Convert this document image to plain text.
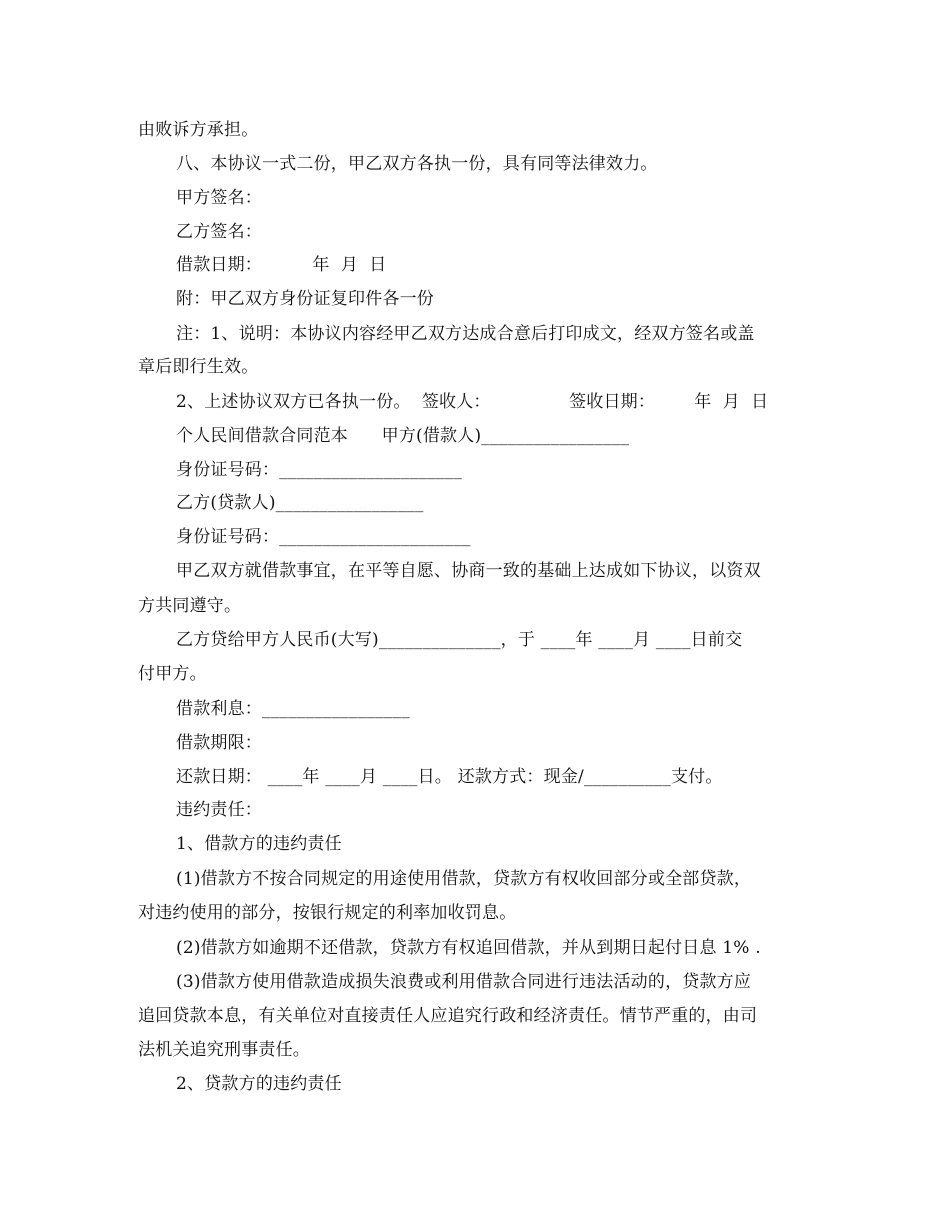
由败诉方承担。
八、本协议一式二份，甲乙双方各执一份，具有同等法律效力。
甲方签名：
乙方签名：
借款日期：         年  月  日
附：甲乙双方身份证复印件各一份
注：1、说明：本协议内容经甲乙双方达成合意后打印成文，经双方签名或盖
章后即行生效。
2、上述协议双方已各执一份。  签收人：              签收日期：       年  月  日
个人民间借款合同范本      甲方(借款人)_________________
身份证号码：_____________________
乙方(贷款人)_________________
身份证号码：______________________
甲乙双方就借款事宜，在平等自愿、协商一致的基础上达成如下协议，以资双
方共同遵守。
乙方贷给甲方人民币(大写)______________，于 ____年 ____月 ____日前交
付甲方。
借款利息：_________________
借款期限：
还款日期： ____年 ____月 ____日。 还款方式：现金/__________支付。
违约责任：
1、借款方的违约责任
(1)借款方不按合同规定的用途使用借款，贷款方有权收回部分或全部贷款，
对违约使用的部分，按银行规定的利率加收罚息。
(2)借款方如逾期不还借款，贷款方有权追回借款，并从到期日起付日息 1% .
(3)借款方使用借款造成损失浪费或利用借款合同进行违法活动的，贷款方应
追回贷款本息，有关单位对直接责任人应追究行政和经济责任。情节严重的，由司
法机关追究刑事责任。
2、贷款方的违约责任
